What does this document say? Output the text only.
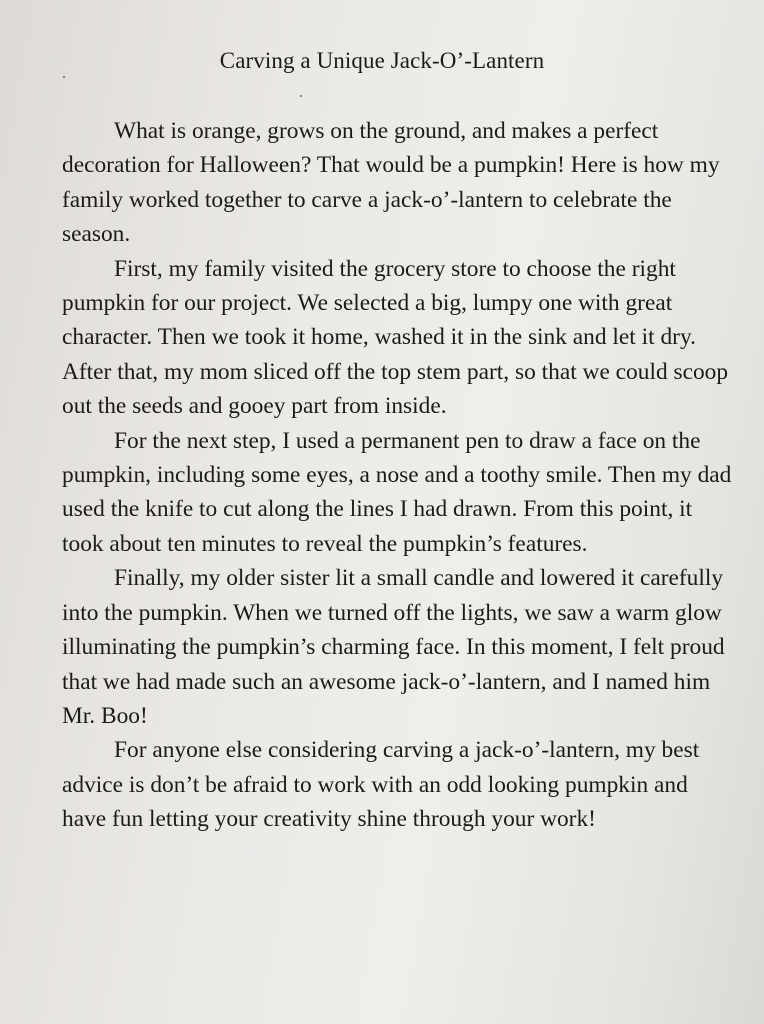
Carving a Unique Jack-O’-Lantern

What is orange, grows on the ground, and makes a perfect decoration for Halloween? That would be a pumpkin! Here is how my family worked together to carve a jack-o’-lantern to celebrate the season.

First, my family visited the grocery store to choose the right pumpkin for our project. We selected a big, lumpy one with great character. Then we took it home, washed it in the sink and let it dry. After that, my mom sliced off the top stem part, so that we could scoop out the seeds and gooey part from inside.

For the next step, I used a permanent pen to draw a face on the pumpkin, including some eyes, a nose and a toothy smile. Then my dad used the knife to cut along the lines I had drawn. From this point, it took about ten minutes to reveal the pumpkin’s features.

Finally, my older sister lit a small candle and lowered it carefully into the pumpkin. When we turned off the lights, we saw a warm glow illuminating the pumpkin’s charming face. In this moment, I felt proud that we had made such an awesome jack-o’-lantern, and I named him Mr. Boo!

For anyone else considering carving a jack-o’-lantern, my best advice is don’t be afraid to work with an odd looking pumpkin and have fun letting your creativity shine through your work!
